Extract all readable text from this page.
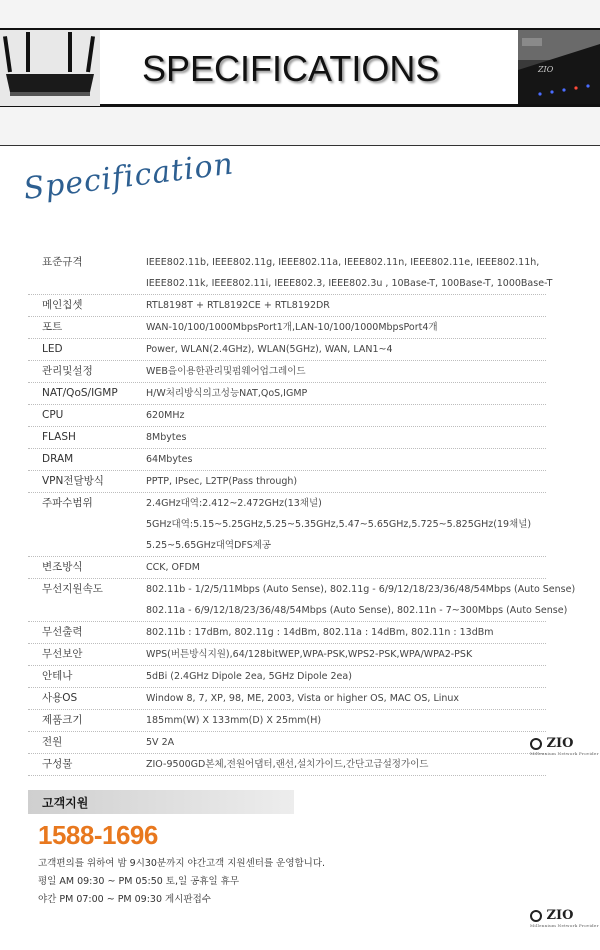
ZIO
SPECIFICATIONS
Specification
표준규격	IEEE802.11b, IEEE802.11g, IEEE802.11a, IEEE802.11n, IEEE802.11e, IEEE802.11h,
IEEE802.11k, IEEE802.11i, IEEE802.3, IEEE802.3u , 10Base-T, 100Base-T, 1000Base-T
메인칩셋	RTL8198T + RTL8192CE + RTL8192DR
포트	WAN-10/100/1000MbpsPort1개,LAN-10/100/1000MbpsPort4개
LED	Power, WLAN(2.4GHz), WLAN(5GHz), WAN, LAN1~4
관리및설정	WEB을이용한관리및펌웨어업그레이드
NAT/QoS/IGMP	H/W처리방식의고성능NAT,QoS,IGMP
CPU	620MHz
FLASH	8Mbytes
DRAM	64Mbytes
VPN전달방식	PPTP, IPsec, L2TP(Pass through)
주파수범위	2.4GHz대역:2.412~2.472GHz(13채널)
5GHz대역:5.15~5.25GHz,5.25~5.35GHz,5.47~5.65GHz,5.725~5.825GHz(19채널)
5.25~5.65GHz대역DFS제공
변조방식	CCK, OFDM
무선지원속도	802.11b - 1/2/5/11Mbps (Auto Sense), 802.11g - 6/9/12/18/23/36/48/54Mbps (Auto Sense)
802.11a - 6/9/12/18/23/36/48/54Mbps (Auto Sense), 802.11n - 7~300Mbps (Auto Sense)
무선출력	802.11b : 17dBm, 802.11g : 14dBm, 802.11a : 14dBm, 802.11n : 13dBm
무선보안	WPS(버튼방식지원),64/128bitWEP,WPA-PSK,WPS2-PSK,WPA/WPA2-PSK
안테나	5dBi (2.4GHz Dipole 2ea, 5GHz Dipole 2ea)
사용OS	Window 8, 7, XP, 98, ME, 2003, Vista or higher OS, MAC OS, Linux
제품크기	185mm(W) X 133mm(D) X 25mm(H)
전원	5V 2A
구성물	ZIO-9500GD본체,전원어댑터,랜선,설치가이드,간단고급설정가이드
ZIO
Millennium Network Provider
고객지원
1588-1696
고객편의를 위하여 밤 9시30분까지 야간고객 지원센터를 운영합니다.
평일 AM 09:30 ~ PM 05:50 토,일 공휴일 휴무
야간 PM 07:00 ~ PM 09:30 게시판접수
ZIO
Millennium Network Provider
